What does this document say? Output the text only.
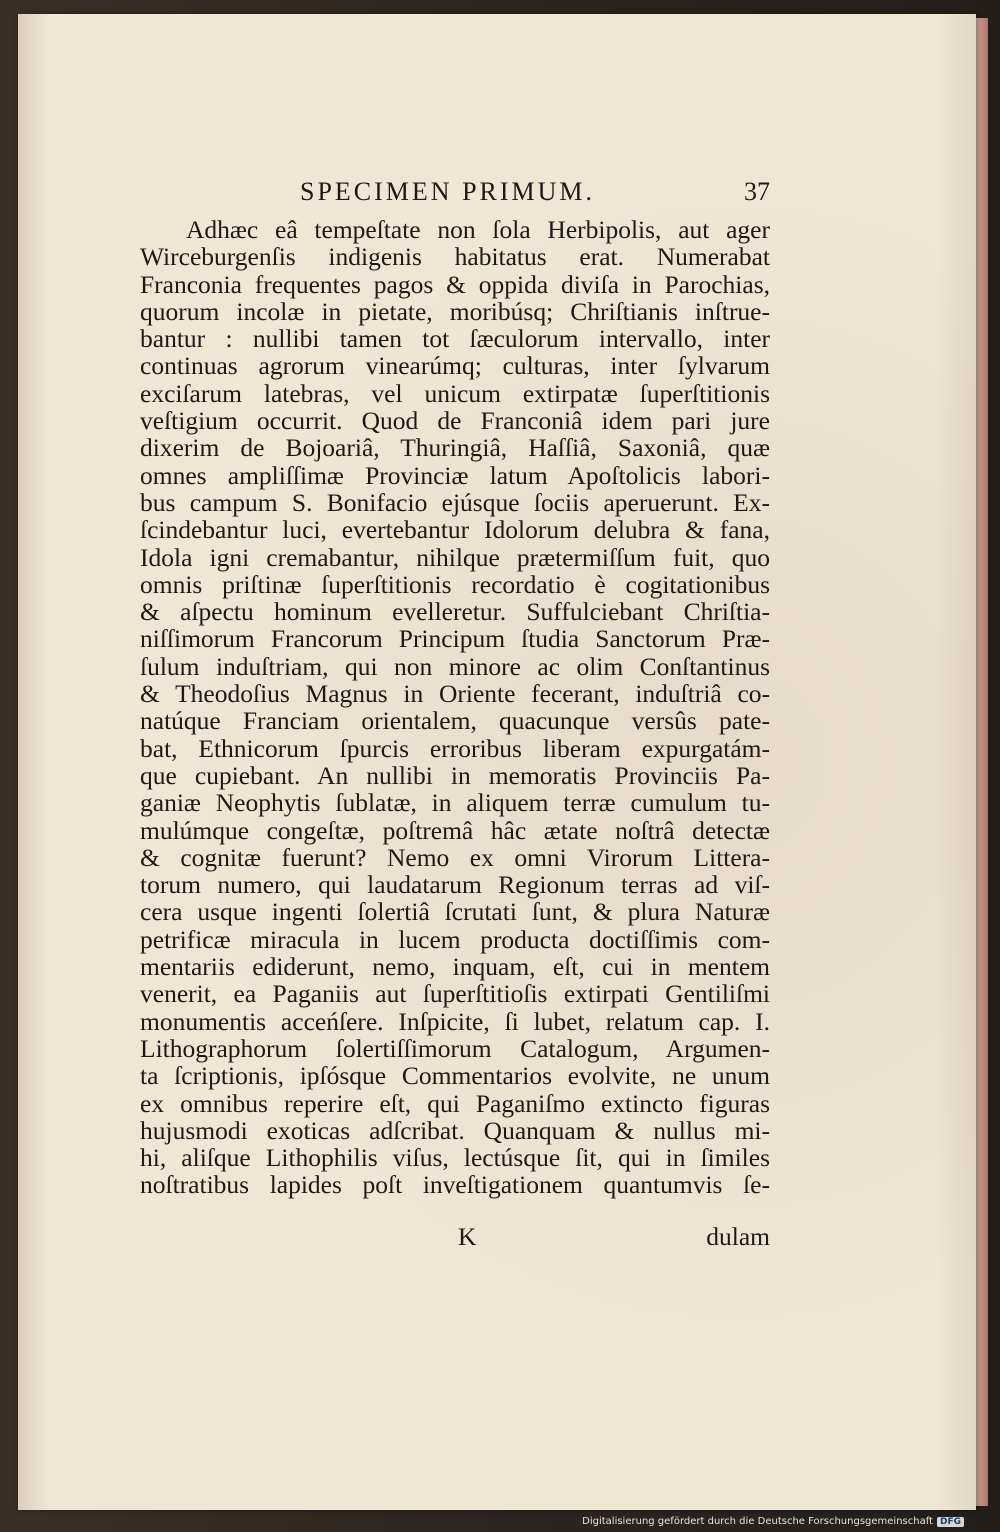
SPECIMEN PRIMUM.	37
Adhæc eâ tempeſtate non ſola Herbipolis, aut ager
Wirceburgenſis indigenis habitatus erat. Numerabat
Franconia frequentes pagos & oppida diviſa in Parochias,
quorum incolæ in pietate, moribúsq; Chriſtianis inſtrue-
bantur : nullibi tamen tot ſæculorum intervallo, inter
continuas agrorum vinearúmq; culturas, inter ſylvarum
exciſarum latebras, vel unicum extirpatæ ſuperſtitionis
veſtigium occurrit. Quod de Franconiâ idem pari jure
dixerim de Bojoariâ, Thuringiâ, Haſſiâ, Saxoniâ, quæ
omnes ampliſſimæ Provinciæ latum Apoſtolicis labori-
bus campum S. Bonifacio ejúsque ſociis aperuerunt. Ex-
ſcindebantur luci, evertebantur Idolorum delubra & fana,
Idola igni cremabantur, nihilque prætermiſſum fuit, quo
omnis priſtinæ ſuperſtitionis recordatio è cogitationibus
& aſpectu hominum evelleretur. Suffulciebant Chriſtia-
niſſimorum Francorum Principum ſtudia Sanctorum Præ-
ſulum induſtriam, qui non minore ac olim Conſtantinus
& Theodoſius Magnus in Oriente fecerant, induſtriâ co-
natúque Franciam orientalem, quacunque versûs pate-
bat, Ethnicorum ſpurcis erroribus liberam expurgatám-
que cupiebant. An nullibi in memoratis Provinciis Pa-
ganiæ Neophytis ſublatæ, in aliquem terræ cumulum tu-
mulúmque congeſtæ, poſtremâ hâc ætate noſtrâ detectæ
& cognitæ fuerunt? Nemo ex omni Virorum Littera-
torum numero, qui laudatarum Regionum terras ad viſ-
cera usque ingenti ſolertiâ ſcrutati ſunt, & plura Naturæ
petrificæ miracula in lucem producta doctiſſimis com-
mentariis ediderunt, nemo, inquam, eſt, cui in mentem
venerit, ea Paganiis aut ſuperſtitioſis extirpati Gentiliſmi
monumentis acceńſere. Inſpicite, ſi lubet, relatum cap. I.
Lithographorum ſolertiſſimorum Catalogum, Argumen-
ta ſcriptionis, ipſósque Commentarios evolvite, ne unum
ex omnibus reperire eſt, qui Paganiſmo extincto figuras
hujusmodi exoticas adſcribat. Quanquam & nullus mi-
hi, aliſque Lithophilis viſus, lectúsque ſit, qui in ſimiles
noſtratibus lapides poſt inveſtigationem quantumvis ſe-
K	dulam
Digitalisierung gefördert durch die Deutsche Forschungsgemeinschaft DFG
